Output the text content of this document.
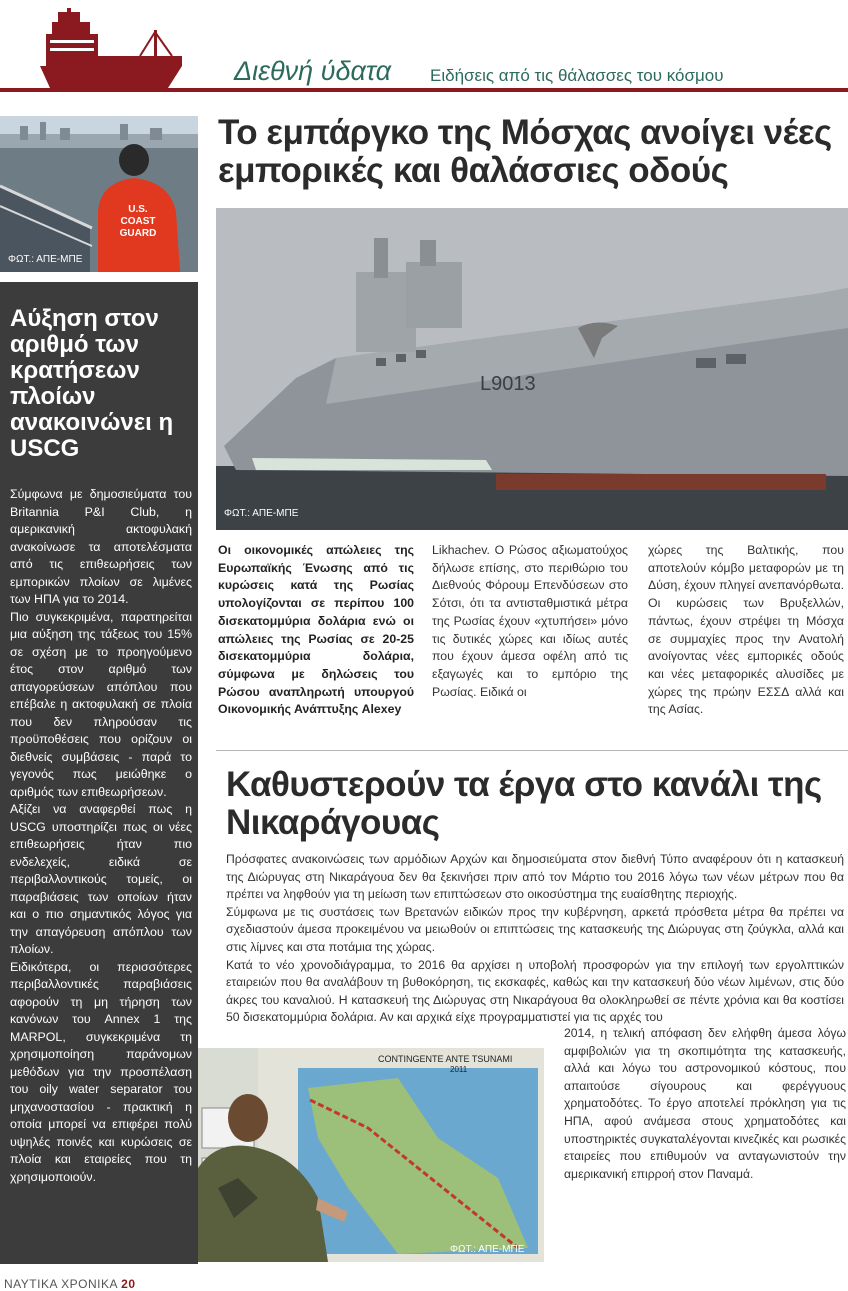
Διεθνή ύδατα Ειδήσεις από τις θάλασσες του κόσμου
U.S.
COAST
GUARD
ΦΩΤ.: ΑΠΕ-ΜΠΕ
Αύξηση στον αριθμό των κρατήσεων πλοίων ανακοινώνει η USCG

Σύμφωνα με δημοσιεύματα του Britannia P&I Club, η αμερικανική ακτοφυλακή ανακοίνωσε τα αποτελέσματα από τις επιθεωρήσεις των εμπορικών πλοίων σε λιμένες των ΗΠΑ για το 2014.

Πιο συγκεκριμένα, παρατηρείται μια αύξηση της τάξεως του 15% σε σχέση με το προηγούμενο έτος στον αριθμό των απαγορεύσεων απόπλου που επέβαλε η ακτοφυλακή σε πλοία που δεν πληρούσαν τις προϋποθέσεις που ορίζουν οι διεθνείς συμβάσεις - παρά το γεγονός πως μειώθηκε ο αριθμός των επιθεωρήσεων.

Αξίζει να αναφερθεί πως η USCG υποστηρίζει πως οι νέες επιθεωρήσεις ήταν πιο ενδελεχείς, ειδικά σε περιβαλλοντικούς τομείς, οι παραβιάσεις των οποίων ήταν και ο πιο σημαντικός λόγος για την απαγόρευση απόπλου των πλοίων.

Ειδικότερα, οι περισσότερες περιβαλλοντικές παραβιάσεις αφορούν τη μη τήρηση των κανόνων του Annex 1 της MARPOL, συγκεκριμένα τη χρησιμοποίηση παράνομων μεθόδων για την προσπέλαση του oily water separator του μηχανοστασίου - πρακτική η οποία μπορεί να επιφέρει πολύ υψηλές ποινές και κυρώσεις σε πλοία και εταιρείες που τη χρησιμοποιούν.

Το εμπάργκο της Μόσχας ανοίγει νέες εμπορικές και θαλάσσιες οδούς
L9013
ΦΩΤ.: ΑΠΕ-ΜΠΕ
Οι οικονομικές απώλειες της Ευρωπαϊκής Ένωσης από τις κυρώσεις κατά της Ρωσίας υπολογίζονται σε περίπου 100 δισεκατομμύρια δολάρια ενώ οι απώλειες της Ρωσίας σε 20-25 δισεκατομμύρια δολάρια, σύμφωνα με δηλώσεις του Ρώσου αναπληρωτή υπουργού Οικονομικής Ανάπτυξης Alexey
Likhachev. Ο Ρώσος αξιωματούχος δήλωσε επίσης, στο περιθώριο του Διεθνούς Φόρουμ Επενδύσεων στο Σότσι, ότι τα αντισταθμιστικά μέτρα της Ρωσίας έχουν «χτυπήσει» μόνο τις δυτικές χώρες και ιδίως αυτές που έχουν άμεσα οφέλη από τις εξαγωγές και το εμπόριο της Ρωσίας. Ειδικά οι
χώρες της Βαλτικής, που αποτελούν κόμβο μεταφορών με τη Δύση, έχουν πληγεί ανεπανόρθωτα. Οι κυρώσεις των Βρυξελλών, πάντως, έχουν στρέψει τη Μόσχα σε συμμαχίες προς την Ανατολή ανοίγοντας νέες εμπορικές οδούς και νέες μεταφορικές αλυσίδες με χώρες της πρώην ΕΣΣΔ αλλά και της Ασίας.
Καθυστερούν τα έργα στο κανάλι της Νικαράγουας

Πρόσφατες ανακοινώσεις των αρμόδιων Αρχών και δημοσιεύματα στον διεθνή Τύπο αναφέρουν ότι η κατασκευή της Διώρυγας στη Νικαράγουα δεν θα ξεκινήσει πριν από τον Μάρτιο του 2016 λόγω των νέων μέτρων που θα πρέπει να ληφθούν για τη μείωση των επιπτώσεων στο οικοσύστημα της ευαίσθητης περιοχής.

Σύμφωνα με τις συστάσεις των Βρετανών ειδικών προς την κυβέρνηση, αρκετά πρόσθετα μέτρα θα πρέπει να σχεδιαστούν άμεσα προκειμένου να μειωθούν οι επιπτώσεις της κατασκευής της Διώρυγας στη ζούγκλα, αλλά και στις λίμνες και στα ποτάμια της χώρας.

Κατά το νέο χρονοδιάγραμμα, το 2016 θα αρχίσει η υποβολή προσφορών για την επιλογή των εργολπτικών εταιρειών που θα αναλάβουν τη βυθοκόρηση, τις εκσκαφές, καθώς και την κατασκευή δύο νέων λιμένων, στις δύο άκρες του καναλιού. Η κατασκευή της Διώρυγας στη Νικαράγουα θα ολοκληρωθεί σε πέντε χρόνια και θα κοστίσει 50 δισεκατομμύρια δολάρια. Αν και αρχικά είχε προγραμματιστεί για τις αρχές του

CONTINGENTE ANTE TSUNAMI
2011
ΦΩΤ.: ΑΠΕ-ΜΠΕ
2014, η τελική απόφαση δεν ελήφθη άμεσα λόγω αμφιβολιών για τη σκοπιμότητα της κατασκευής, αλλά και λόγω του αστρονομικού κόστους, που απαιτούσε σίγουρους και φερέγγυους χρηματοδότες. Το έργο αποτελεί πρόκληση για τις ΗΠΑ, αφού ανάμεσα στους χρηματοδότες και υποστηρικτές συγκαταλέγονται κινεζικές και ρωσικές εταιρείες που επιθυμούν να ανταγωνιστούν την αμερικανική επιρροή στον Παναμά.
ΝΑΥΤΙΚΑ ΧΡΟΝΙΚΑ 20
